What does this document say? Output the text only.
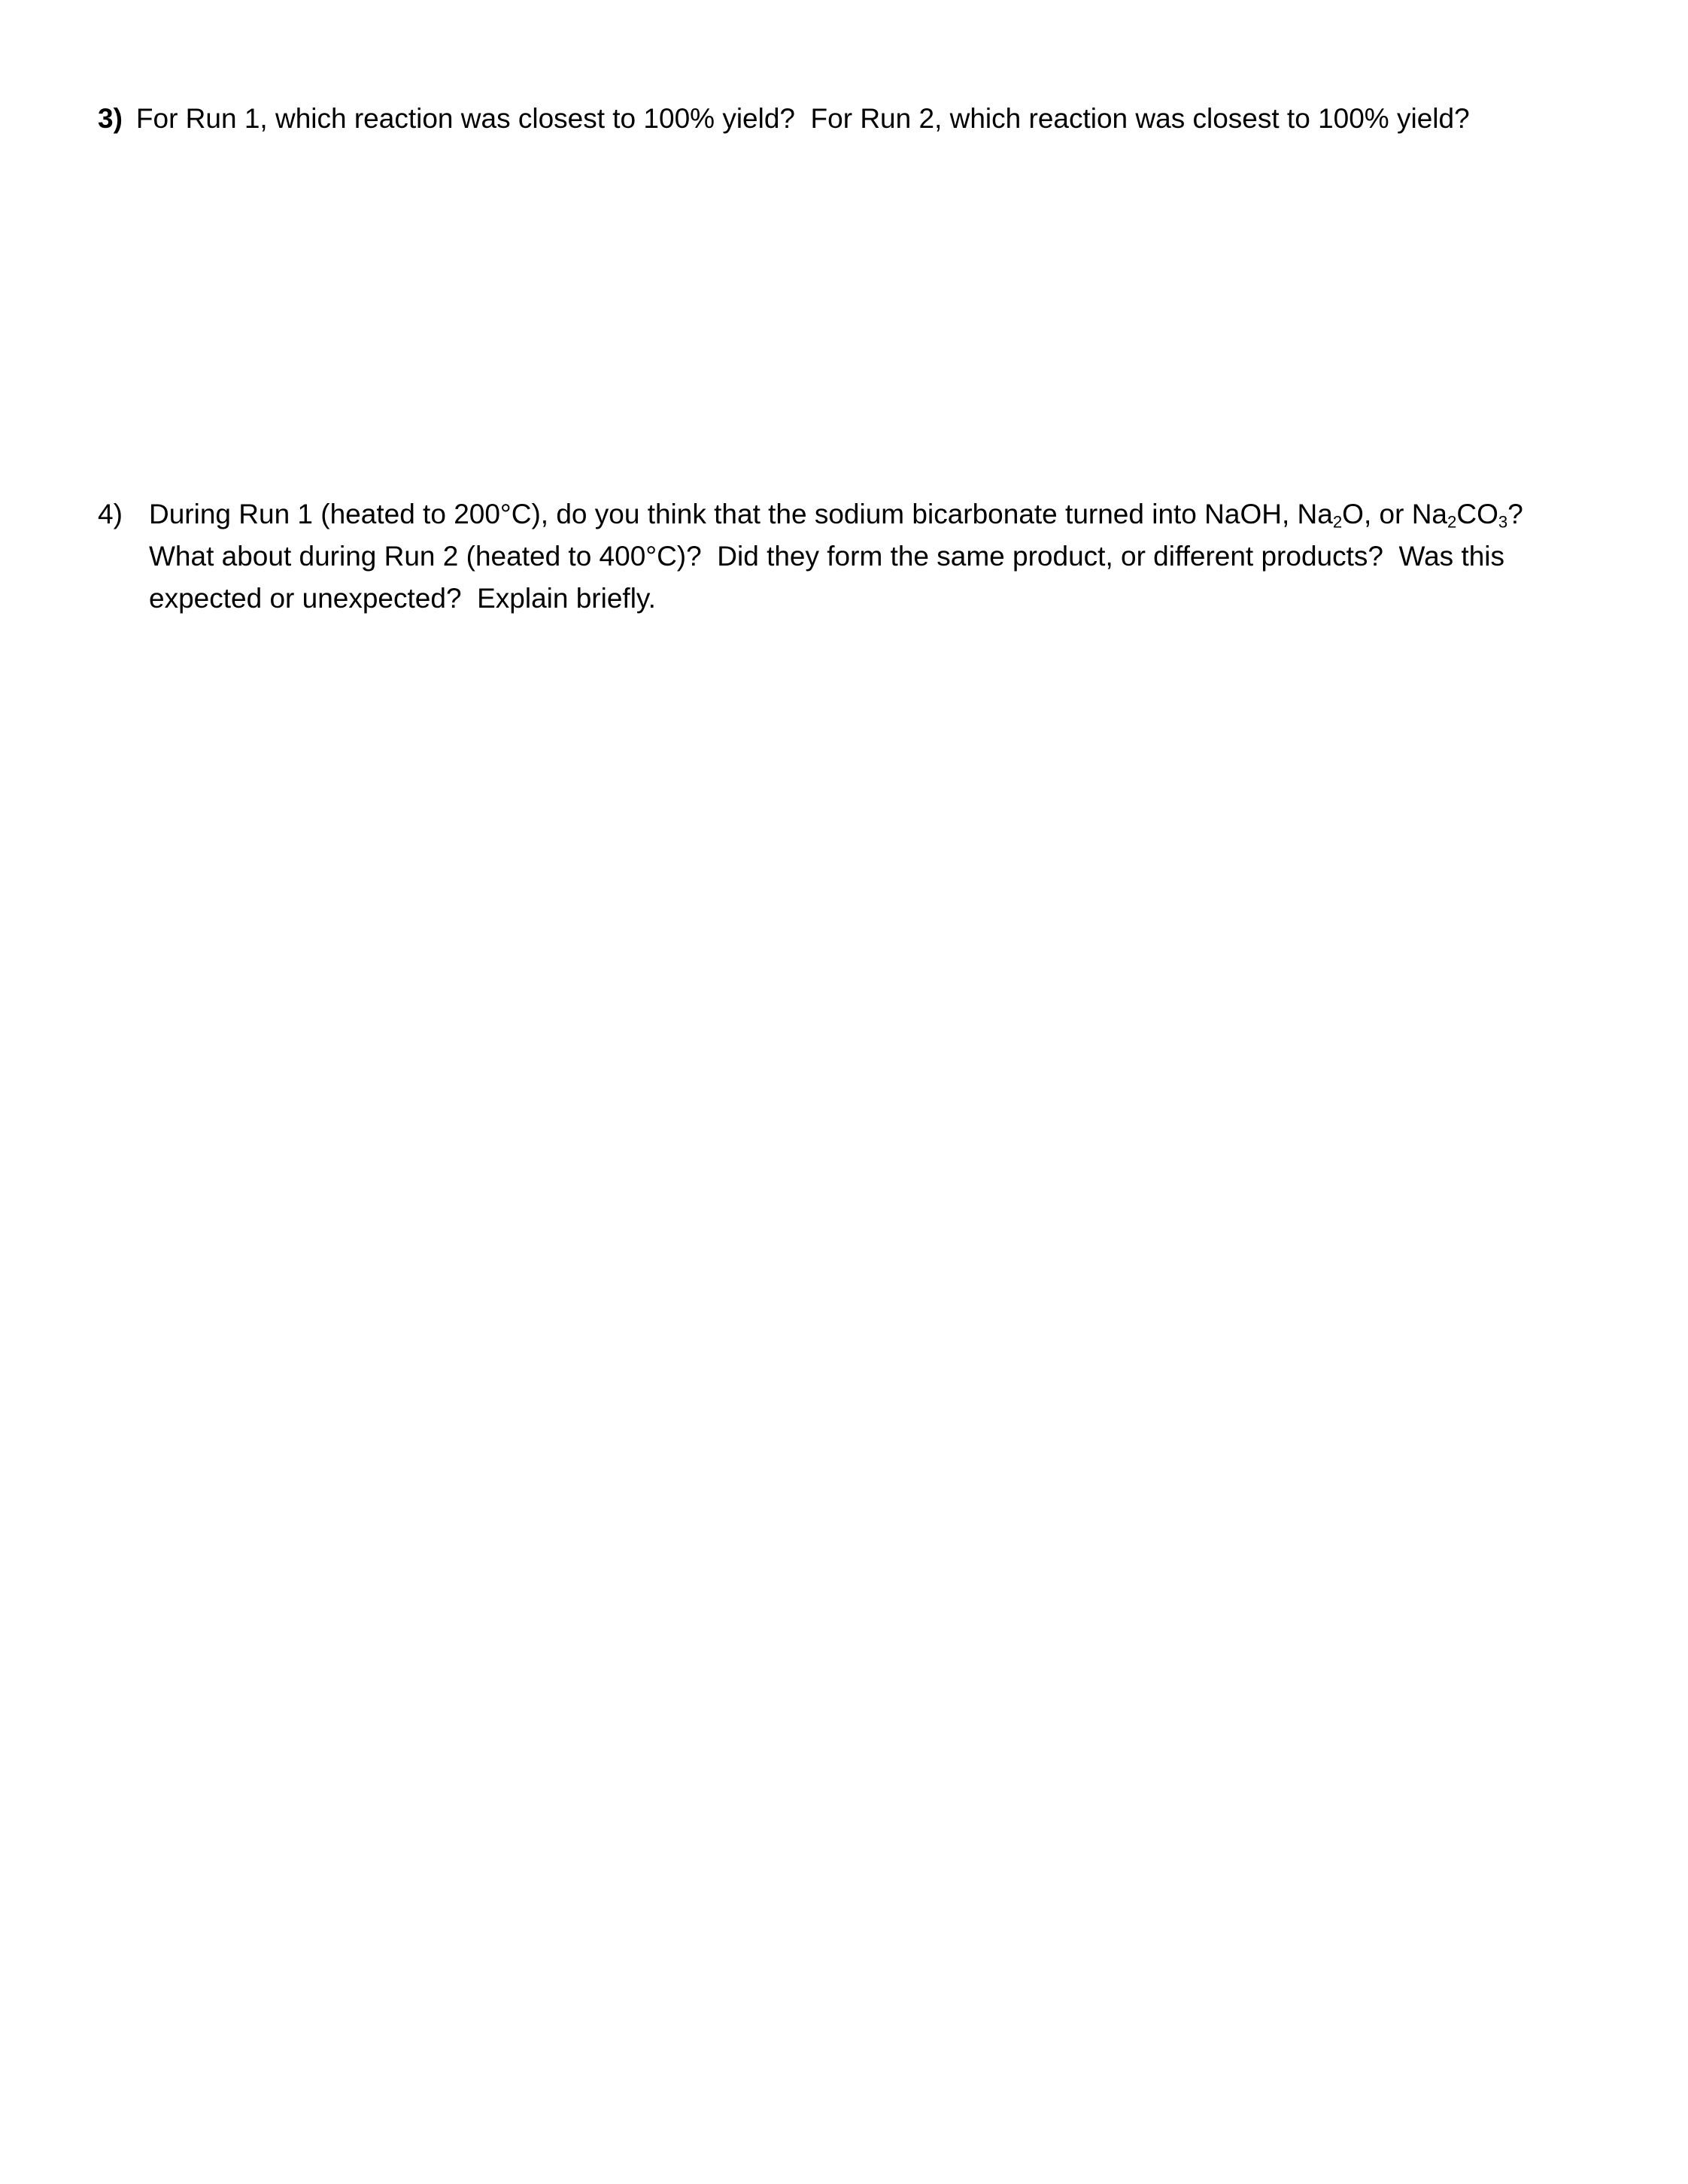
3) For Run 1, which reaction was closest to 100% yield?  For Run 2, which reaction was closest to 100% yield?
4) During Run 1 (heated to 200°C), do you think that the sodium bicarbonate turned into NaOH, $Na_2O$, or $Na_2CO_3$?
What about during Run 2 (heated to 400°C)?  Did they form the same product, or different products?  Was this
expected or unexpected?  Explain briefly.
